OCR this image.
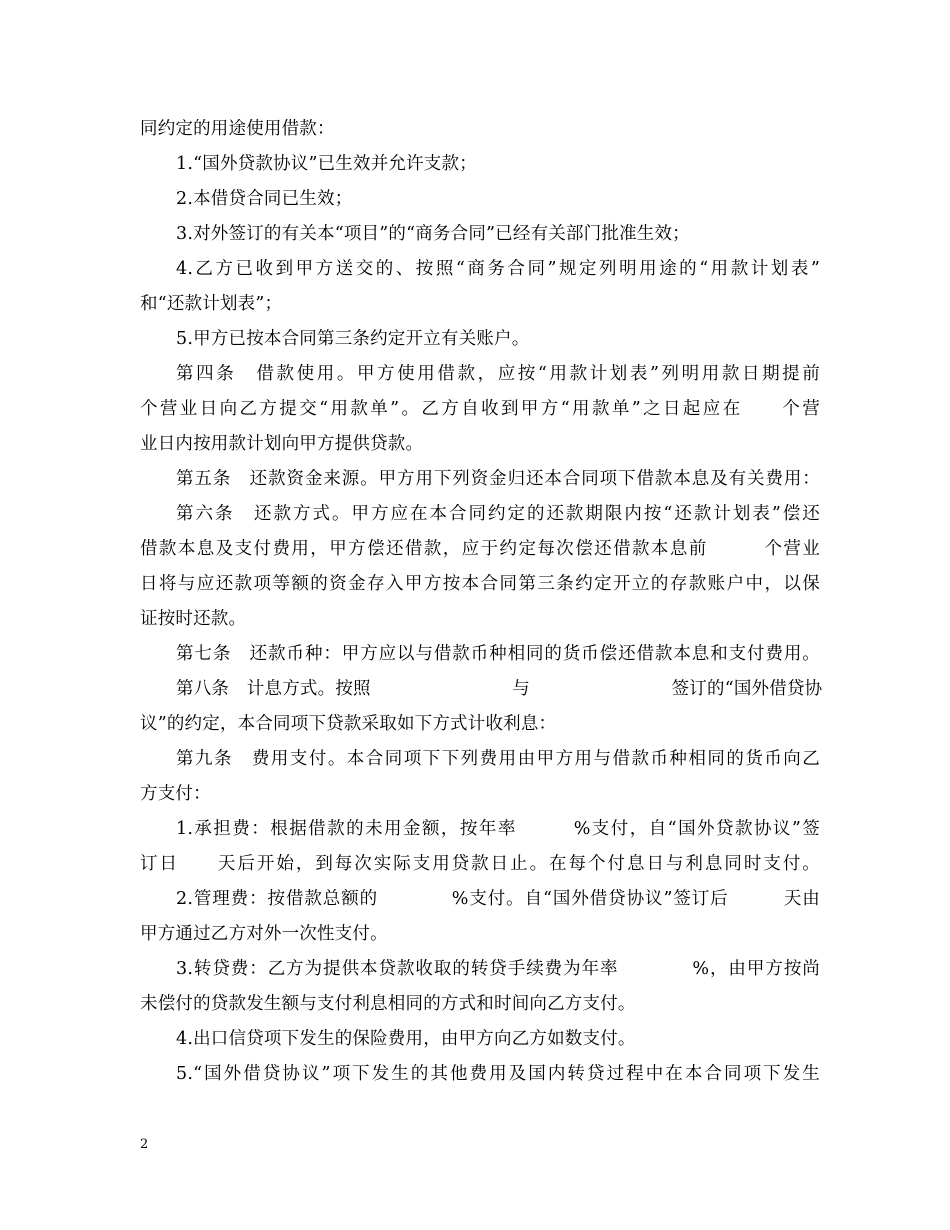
同约定的用途使用借款：
1.“国外贷款协议”已生效并允许支款；
2.本借贷合同已生效；
3.对外签订的有关本“项目”的“商务合同”已经有关部门批准生效；
4.乙方已收到甲方送交的、按照“商务合同”规定列明用途的“用款计划表”
和“还款计划表”；
5.甲方已按本合同第三条约定开立有关账户。
第四条　借款使用。甲方使用借款，应按“用款计划表”列明用款日期提前
个营业日向乙方提交“用款单”。乙方自收到甲方“用款单”之日起应在　　个营
业日内按用款计划向甲方提供贷款。
第五条　还款资金来源。甲方用下列资金归还本合同项下借款本息及有关费用：
第六条　还款方式。甲方应在本合同约定的还款期限内按“还款计划表”偿还
借款本息及支付费用，甲方偿还借款，应于约定每次偿还借款本息前　　　个营业
日将与应还款项等额的资金存入甲方按本合同第三条约定开立的存款账户中，以保
证按时还款。
第七条　还款币种：甲方应以与借款币种相同的货币偿还借款本息和支付费用。
第八条　计息方式。按照　　　　　　　　与　　　　　　　　签订的“国外借贷协
议”的约定，本合同项下贷款采取如下方式计收利息：
第九条　费用支付。本合同项下下列费用由甲方用与借款币种相同的货币向乙
方支付：
1.承担费：根据借款的未用金额，按年率　　　%支付，自“国外贷款协议”签
订日　　天后开始，到每次实际支用贷款日止。在每个付息日与利息同时支付。
2.管理费：按借款总额的　　　　%支付。自“国外借贷协议”签订后　　　天由
甲方通过乙方对外一次性支付。
3.转贷费：乙方为提供本贷款收取的转贷手续费为年率　　　　%，由甲方按尚
未偿付的贷款发生额与支付利息相同的方式和时间向乙方支付。
4.出口信贷项下发生的保险费用，由甲方向乙方如数支付。
5.“国外借贷协议”项下发生的其他费用及国内转贷过程中在本合同项下发生
2
